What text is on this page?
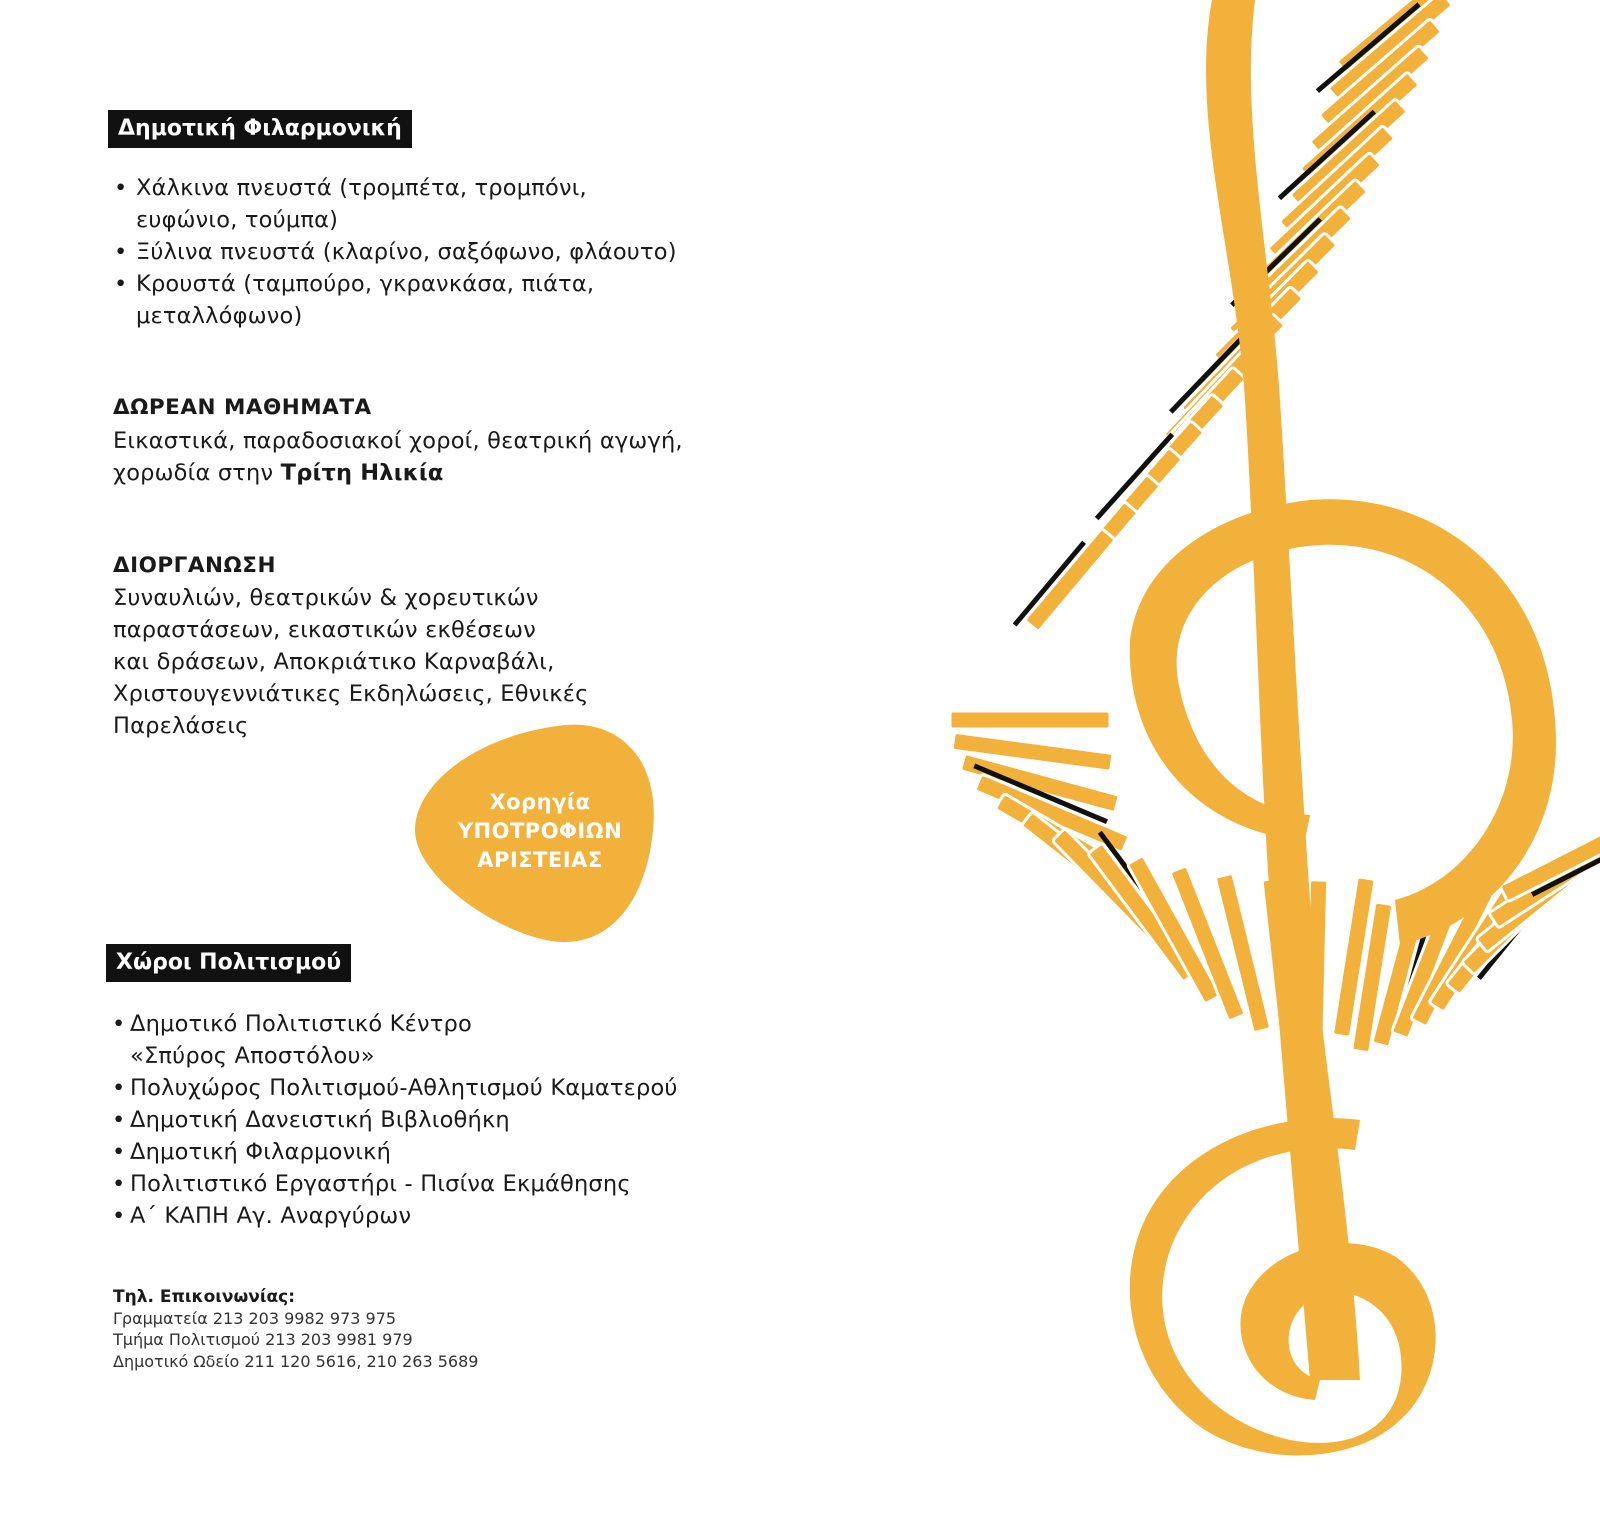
Δημοτική Φιλαρμονική
• Χάλκινα πνευστά (τρομπέτα, τρομπόνι,
ευφώνιο, τούμπα)
• Ξύλινα πνευστά (κλαρίνο, σαξόφωνο, φλάουτο)
• Κρουστά (ταμπούρο, γκρανκάσα, πιάτα,
μεταλλόφωνο)
ΔΩΡΕΑΝ ΜΑΘΗΜΑΤΑ

Εικαστικά, παραδοσιακοί χοροί, θεατρική αγωγή,
χορωδία στην Τρίτη Ηλικία

ΔΙΟΡΓΑΝΩΣΗ

Συναυλιών, θεατρικών & χορευτικών
παραστάσεων, εικαστικών εκθέσεων
και δράσεων, Αποκριάτικο Καρναβάλι,
Χριστουγεννιάτικες Εκδηλώσεις, Εθνικές
Παρελάσεις

Χορηγία
ΥΠΟΤΡΟΦΙΩΝ
ΑΡΙΣΤΕΙΑΣ
Χώροι Πολιτισμού
• Δημοτικό Πολιτιστικό Κέντρο
«Σπύρος Αποστόλου»
• Πολυχώρος Πολιτισμού-Αθλητισμού Καματερού
• Δημοτική Δανειστική Βιβλιοθήκη
• Δημοτική Φιλαρμονική
• Πολιτιστικό Εργαστήρι - Πισίνα Εκμάθησης
• Α΄ ΚΑΠΗ Αγ. Αναργύρων
Τηλ. Επικοινωνίας:
Γραμματεία 213 203 9982 973 975
Τμήμα Πολιτισμού 213 203 9981 979
Δημοτικό Ωδείο 211 120 5616, 210 263 5689
